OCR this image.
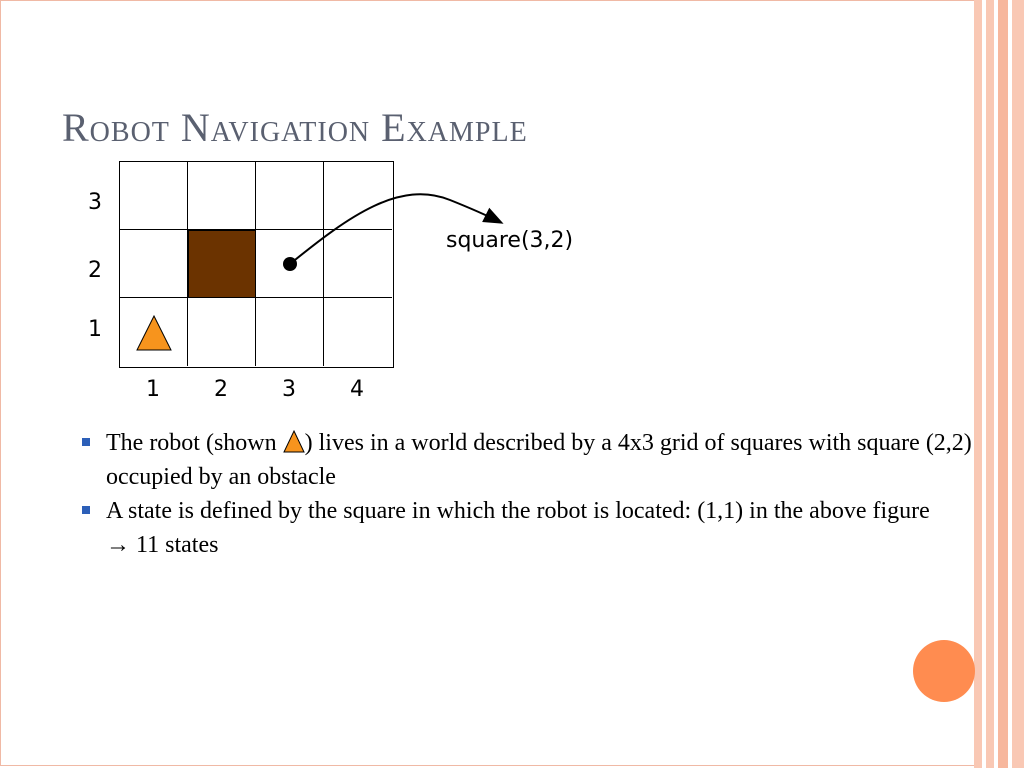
Robot Navigation Example
3
2
1
1 2 3 4
square(3,2)
The robot (shown ) lives in a world described by a 4x3 grid of squares with square (2,2) occupied by an obstacle
A state is defined by the square in which the robot is located: (1,1) in the above figure
→ 11 states
